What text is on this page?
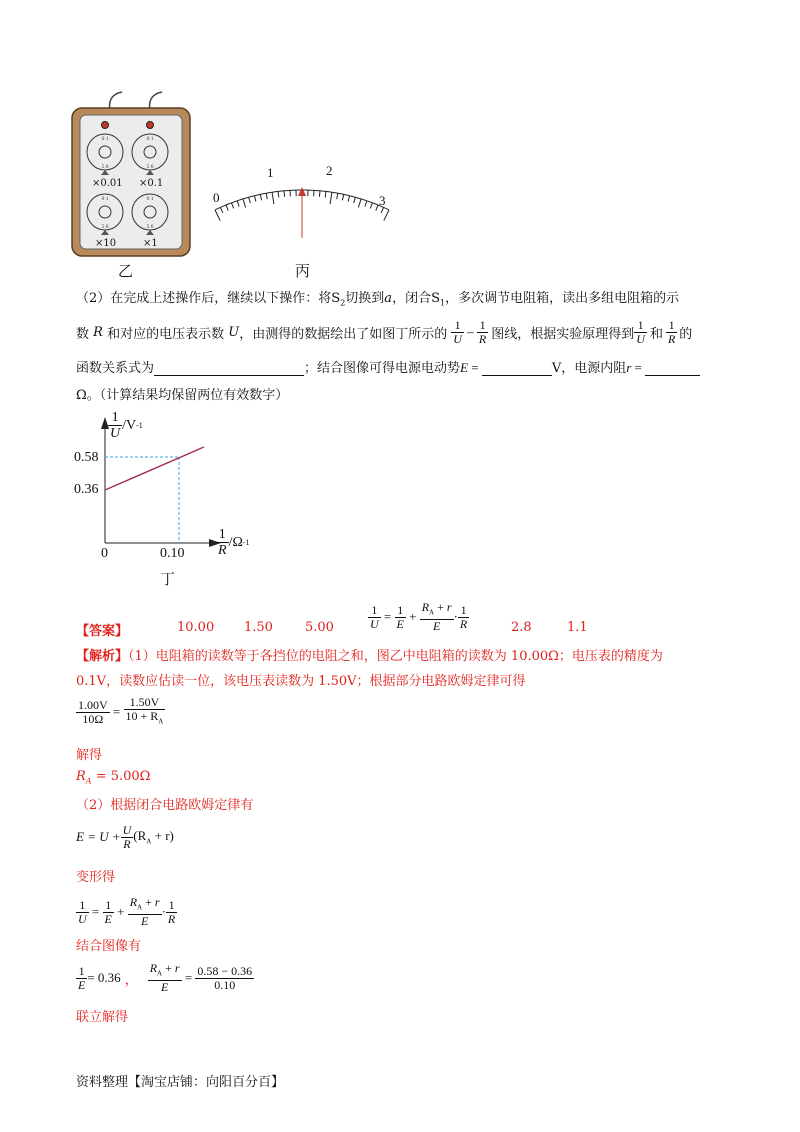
0 1
5 6
0 1
5 6
0 1
5 6
0 1
5 6
×0.01 ×0.1
×10	×1
乙
0
1	2
3
丙
（2）在完成上述操作后，继续以下操作：将$S_2$切换到a，闭合$S_1$，多次调节电阻箱，读出多组电阻箱的示
数
R
和对应的电压表示数
U ，由测得的数据绘出了如图丁所示的 $\frac{1}{U} - \frac{1}{R}$ 图线，根据实验原理得到 $\frac{1}{U}$ 和 $\frac{1}{R}$ 的
函数关系式为	；结合图像可得电源电动势E =	V，电源内阻r =
Ω。（计算结果均保留两位有效数字）
$\frac{1}{U} /V$ -1
0.58
0.36
0	$0.10 \frac{1}{R} /\Omega$ -1
丁
【答案】	10.00 1.50 5.00	$\frac{1}{U} = \frac{1}{E} + \frac{R_A + r}{E} \cdot \frac{1}{R}$	2.8	1.1
【解析】（1）电阻箱的读数等于各挡位的电阻之和，图乙中电阻箱的读数为 10.00Ω；电压表的精度为
0.1V，读数应估读一位，该电压表读数为 1.50V；根据部分电路欧姆定律可得
$\frac{1.00V}{10\Omega} = \frac{1.50V}{10 + R_A}$
解得
$R_A = 5.00\Omega$
（2）根据闭合电路欧姆定律有
$E = U + \frac{U}{R} (R_A + r)$
变形得
$\frac{1}{U} = \frac{1}{E} + \frac{R_A + r}{E} \cdot \frac{1}{R}$
结合图像有
$\frac{1}{E} = 0.36$ ， $\frac{R_A + r}{E} = \frac{0.58 - 0.36}{0.10}$
联立解得
资料整理【淘宝店铺：向阳百分百】
